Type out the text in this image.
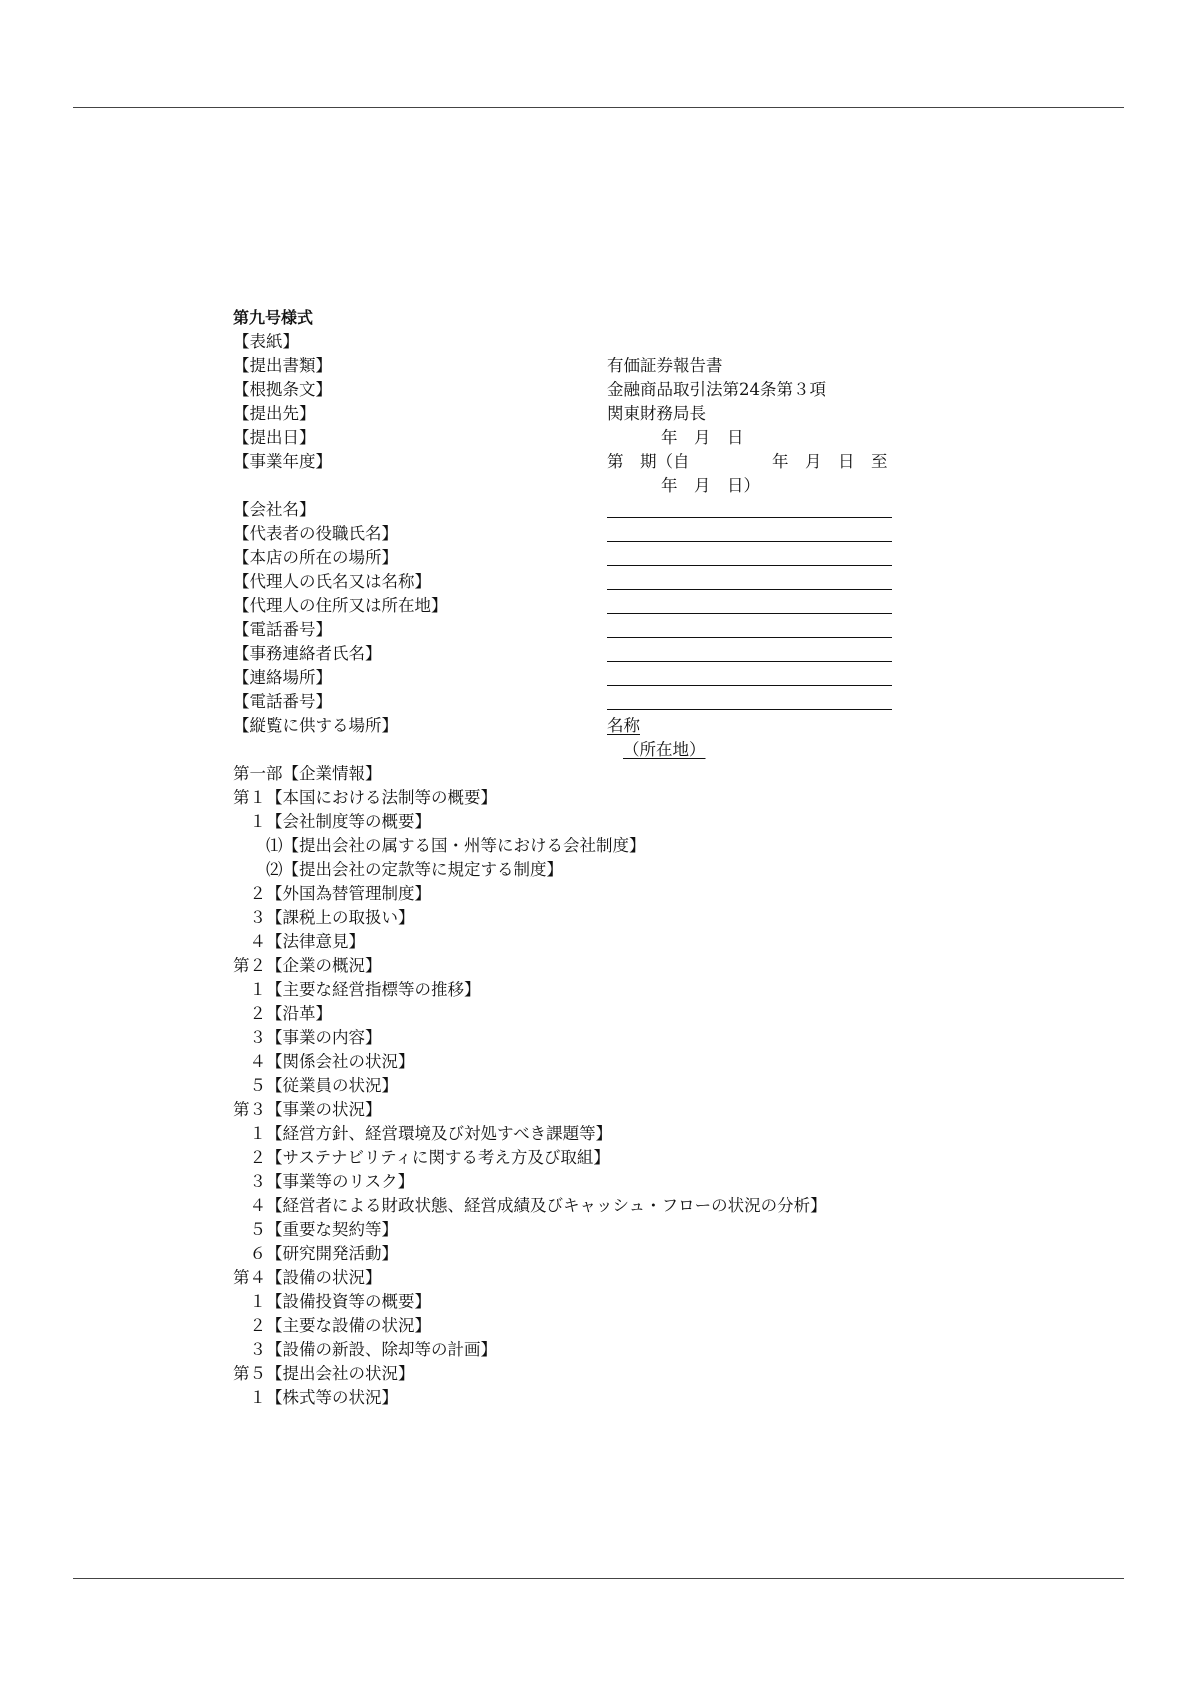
第九号様式
【表紙】
【提出書類】	有価証券報告書
【根拠条文】	金融商品取引法第24条第３項
【提出先】	関東財務局長
【提出日】	年　月　日
【事業年度】	第　期（自　　　　　年　月　日　至
年　月　日）
【会社名】
【代表者の役職氏名】
【本店の所在の場所】
【代理人の氏名又は名称】
【代理人の住所又は所在地】
【電話番号】
【事務連絡者氏名】
【連絡場所】
【電話番号】
【縦覧に供する場所】	名称
（所在地）
第一部【企業情報】
第１【本国における法制等の概要】
　１【会社制度等の概要】
　　⑴【提出会社の属する国・州等における会社制度】
　　⑵【提出会社の定款等に規定する制度】
　２【外国為替管理制度】
　３【課税上の取扱い】
　４【法律意見】
第２【企業の概況】
　１【主要な経営指標等の推移】
　２【沿革】
　３【事業の内容】
　４【関係会社の状況】
　５【従業員の状況】
第３【事業の状況】
　１【経営方針、経営環境及び対処すべき課題等】
　２【サステナビリティに関する考え方及び取組】
　３【事業等のリスク】
　４【経営者による財政状態、経営成績及びキャッシュ・フローの状況の分析】
　５【重要な契約等】
　６【研究開発活動】
第４【設備の状況】
　１【設備投資等の概要】
　２【主要な設備の状況】
　３【設備の新設、除却等の計画】
第５【提出会社の状況】
　１【株式等の状況】
